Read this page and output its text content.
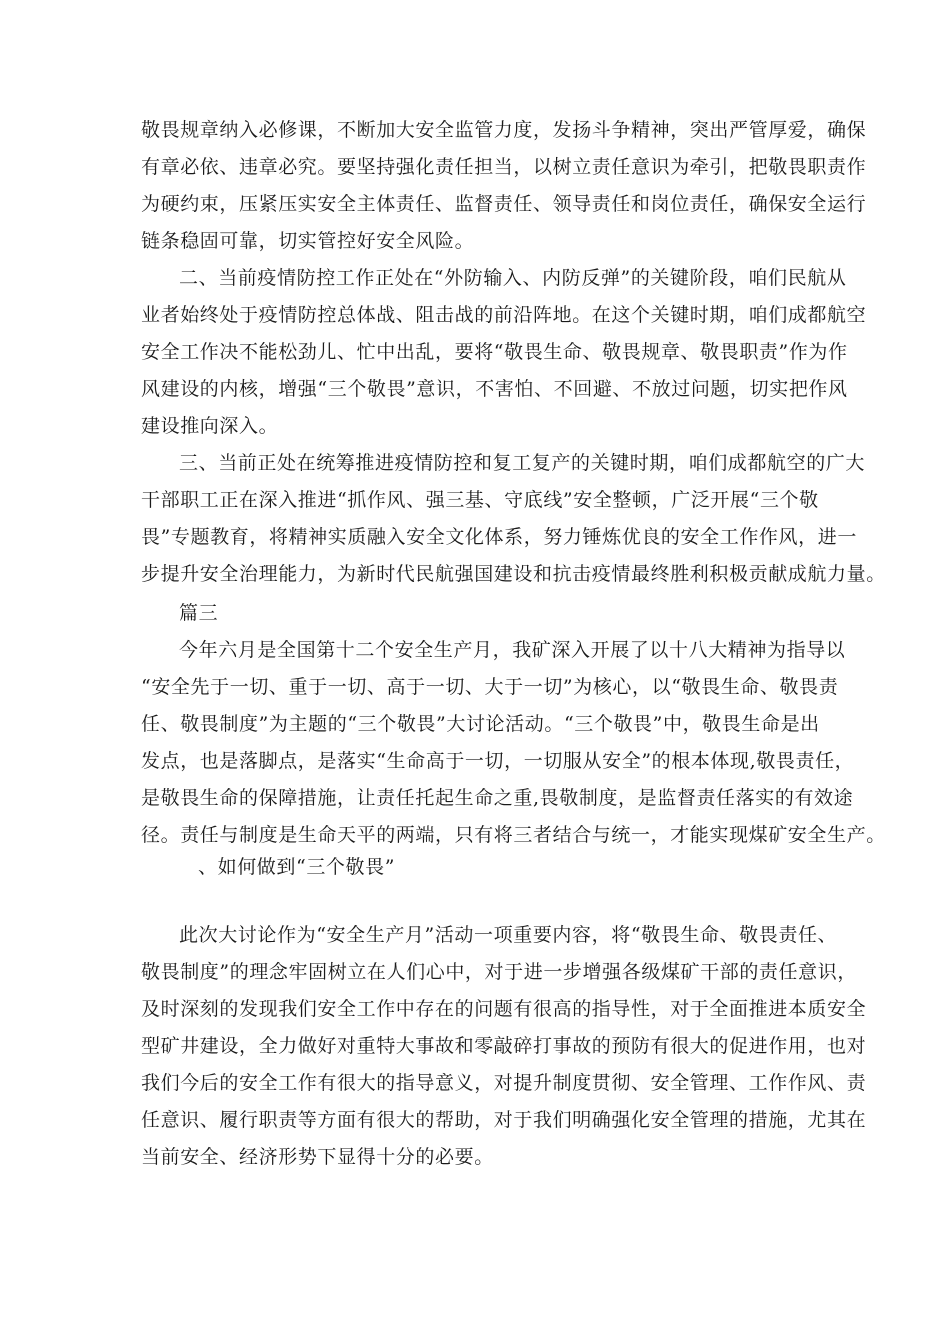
敬畏规章纳入必修课，不断加大安全监管力度，发扬斗争精神，突出严管厚爱，确保
有章必依、违章必究。要坚持强化责任担当，以树立责任意识为牵引，把敬畏职责作
为硬约束，压紧压实安全主体责任、监督责任、领导责任和岗位责任，确保安全运行
链条稳固可靠，切实管控好安全风险。
二、当前疫情防控工作正处在“外防输入、内防反弹”的关键阶段，咱们民航从
业者始终处于疫情防控总体战、阻击战的前沿阵地。在这个关键时期，咱们成都航空
安全工作决不能松劲儿、忙中出乱，要将“敬畏生命、敬畏规章、敬畏职责”作为作
风建设的内核，增强“三个敬畏”意识，不害怕、不回避、不放过问题，切实把作风
建设推向深入。
三、当前正处在统筹推进疫情防控和复工复产的关键时期，咱们成都航空的广大
干部职工正在深入推进“抓作风、强三基、守底线”安全整顿，广泛开展“三个敬
畏”专题教育，将精神实质融入安全文化体系，努力锤炼优良的安全工作作风，进一
步提升安全治理能力，为新时代民航强国建设和抗击疫情最终胜利积极贡献成航力量。
篇三
今年六月是全国第十二个安全生产月，我矿深入开展了以十八大精神为指导以
“安全先于一切、重于一切、高于一切、大于一切”为核心，以“敬畏生命、敬畏责
任、敬畏制度”为主题的“三个敬畏”大讨论活动。“三个敬畏”中，敬畏生命是出
发点，也是落脚点，是落实“生命高于一切，一切服从安全”的根本体现,敬畏责任，
是敬畏生命的保障措施，让责任托起生命之重,畏敬制度，是监督责任落实的有效途
径。责任与制度是生命天平的两端，只有将三者结合与统一，才能实现煤矿安全生产。
、如何做到“三个敬畏”
此次大讨论作为“安全生产月”活动一项重要内容，将“敬畏生命、敬畏责任、
敬畏制度”的理念牢固树立在人们心中，对于进一步增强各级煤矿干部的责任意识，
及时深刻的发现我们安全工作中存在的问题有很高的指导性，对于全面推进本质安全
型矿井建设，全力做好对重特大事故和零敲碎打事故的预防有很大的促进作用，也对
我们今后的安全工作有很大的指导意义，对提升制度贯彻、安全管理、工作作风、责
任意识、履行职责等方面有很大的帮助，对于我们明确强化安全管理的措施，尤其在
当前安全、经济形势下显得十分的必要。
